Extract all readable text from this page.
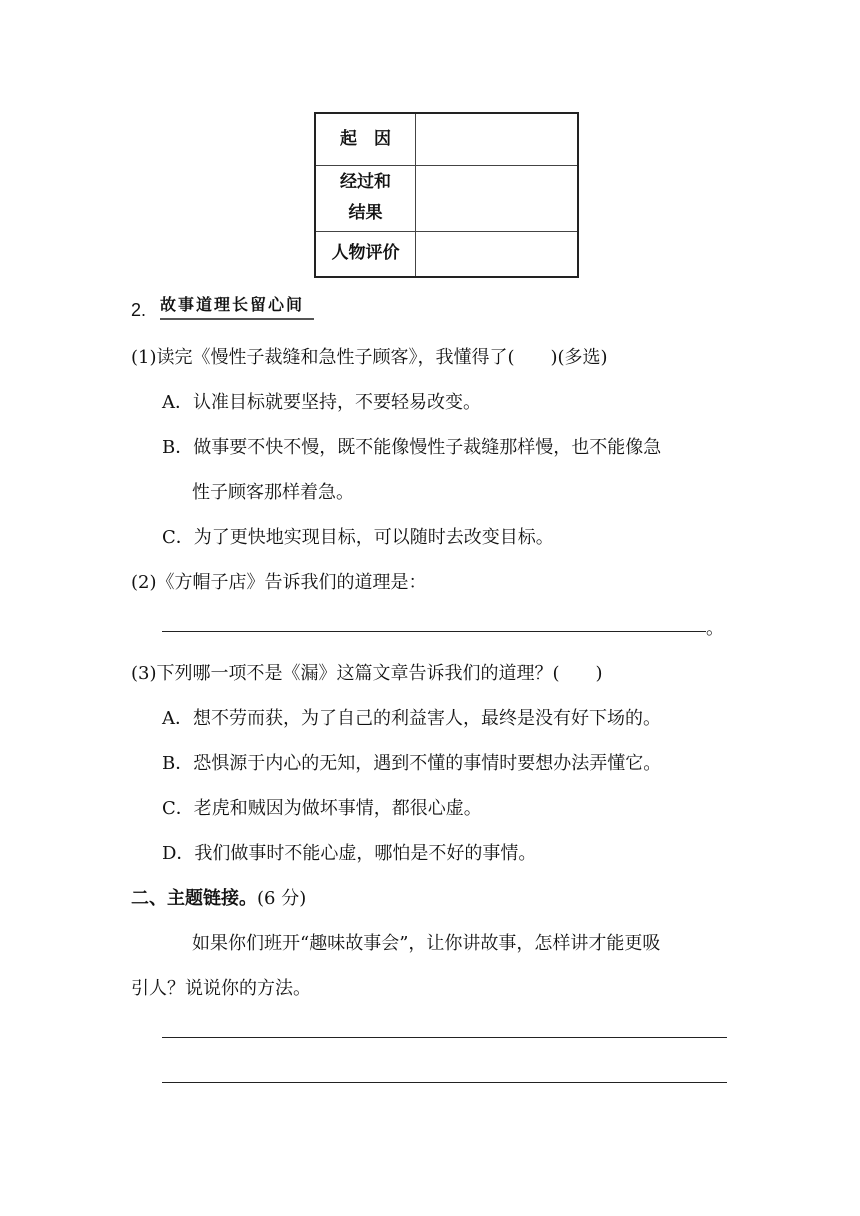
起　因	

经过和
结果	

人物评价	
2. 故事道理长留心间
(1)读完《慢性子裁缝和急性子顾客》，我懂得了(　　)(多选)
A．认准目标就要坚持，不要轻易改变。
B．做事要不快不慢，既不能像慢性子裁缝那样慢，也不能像急
性子顾客那样着急。
C．为了更快地实现目标，可以随时去改变目标。
(2)《方帽子店》告诉我们的道理是：
。
(3)下列哪一项不是《漏》这篇文章告诉我们的道理？(　　)
A．想不劳而获，为了自己的利益害人，最终是没有好下场的。
B．恐惧源于内心的无知，遇到不懂的事情时要想办法弄懂它。
C．老虎和贼因为做坏事情，都很心虚。
D．我们做事时不能心虚，哪怕是不好的事情。
二、主题链接。(6 分)
如果你们班开“趣味故事会”，让你讲故事，怎样讲才能更吸
引人？说说你的方法。
